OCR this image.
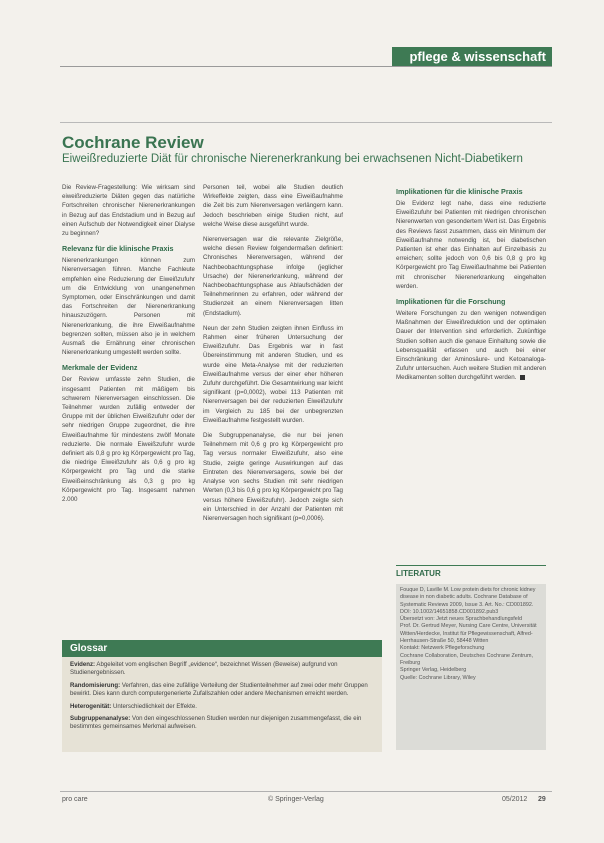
pflege & wissenschaft
Cochrane Review
Eiweißreduzierte Diät für chronische Nierenerkrankung bei erwachsenen Nicht-Diabetikern

Die Review-Fragestellung: Wie wirksam sind eiweißreduzierte Diäten gegen das natürliche Fortschreiten chronischer Nierenerkrankungen in Bezug auf das Endstadium und in Bezug auf einen Aufschub der Notwendigkeit einer Dialyse zu beginnen?

Relevanz für die klinische Praxis

Nierenerkrankungen können zum Nierenversagen führen. Manche Fachleute empfehlen eine Reduzierung der Eiweißzufuhr um die Entwicklung von unangenehmen Symptomen, oder Einschränkungen und damit das Fortschreiten der Nierenerkrankung hinauszuzögern. Personen mit Nierenerkrankung, die ihre Eiweißaufnahme begrenzen sollten, müssen also je in welchem Ausmaß die Ernährung einer chronischen Nierenerkrankung umgestellt werden sollte.

Merkmale der Evidenz

Der Review umfasste zehn Studien, die insgesamt Patienten mit mäßigem bis schwerem Nierenversagen einschlossen. Die Teilnehmer wurden zufällig entweder der Gruppe mit der üblichen Eiweißzufuhr oder der sehr niedrigen Gruppe zugeordnet, die ihre Eiweißaufnahme für mindestens zwölf Monate reduzierte. Die normale Eiweißzufuhr wurde definiert als 0,8 g pro kg Körpergewicht pro Tag, die niedrige Eiweißzufuhr als 0,6 g pro kg Körpergewicht pro Tag und die starke Eiweißeinschränkung als 0,3 g pro kg Körpergewicht pro Tag. Insgesamt nahmen 2.000

Personen teil, wobei alle Studien deutlich Wirkeffekte zeigten, dass eine Eiweißaufnahme die Zeit bis zum Nierenversagen verlängern kann. Jedoch beschrieben einige Studien nicht, auf welche Weise diese ausgeführt wurde.

Nierenversagen war die relevante Zielgröße, welche diesen Review folgendermaßen definiert: Chronisches Nierenversagen, während der Nachbeobachtungsphase infolge (jeglicher Ursache) der Nierenerkrankung, während der Nachbeobachtungsphase aus Ablaufschäden der Teilnehmerinnen zu erfahren, oder während der Studienzeit an einem Nierenversagen litten (Endstadium).

Neun der zehn Studien zeigten ihnen Einfluss im Rahmen einer früheren Untersuchung der Eiweißzufuhr. Das Ergebnis war in fast Übereinstimmung mit anderen Studien, und es wurde eine Meta-Analyse mit der reduzierten Eiweißaufnahme versus der einer eher höheren Zufuhr durchgeführt. Die Gesamtwirkung war leicht signifikant (p=0,0002), wobei 113 Patienten mit Nierenversagen bei der reduzierten Eiweißzufuhr im Vergleich zu 185 bei der unbegrenzten Eiweißaufnahme festgestellt wurden.

Die Subgruppenanalyse, die nur bei jenen Teilnehmern mit 0,6 g pro kg Körpergewicht pro Tag versus normaler Eiweißzufuhr, also eine Studie, zeigte geringe Auswirkungen auf das Eintreten des Nierenversagens, sowie bei der Analyse von sechs Studien mit sehr niedrigen Werten (0,3 bis 0,6 g pro kg Körpergewicht pro Tag versus höhere Eiweißzufuhr). Jedoch zeigte sich ein Unterschied in der Anzahl der Patienten mit Nierenversagen hoch signifikant (p=0,0006).

Implikationen für die klinische Praxis

Die Evidenz legt nahe, dass eine reduzierte Eiweißzufuhr bei Patienten mit niedrigen chronischen Nierenwerten von gesondertem Wert ist. Das Ergebnis des Reviews fasst zusammen, dass ein Minimum der Eiweißaufnahme notwendig ist, bei diabetischen Patienten ist eher das Einhalten auf Einzelbasis zu erreichen; sollte jedoch von 0,6 bis 0,8 g pro kg Körpergewicht pro Tag Eiweißaufnahme bei Patienten mit chronischer Nierenerkrankung eingehalten werden.

Implikationen für die Forschung

Weitere Forschungen zu den wenigen notwendigen Maßnahmen der Eiweißreduktion und der optimalen Dauer der Intervention sind erforderlich. Zukünftige Studien sollten auch die genaue Einhaltung sowie die Lebensqualität erfassen und auch bei einer Einschränkung der Aminosäure- und Ketoanaloga-Zufuhr untersuchen. Auch weitere Studien mit anderen Medikamenten sollten durchgeführt werden.

LITERATUR
Fouque D, Laville M. Low protein diets for chronic kidney disease in non diabetic adults. Cochrane Database of Systematic Reviews 2009, Issue 3. Art. No.: CD001892.
DOI: 10.1002/14651858.CD001892.pub3
Übersetzt von: Jetzt neues Sprachbehandlungsfeld
Prof. Dr. Gertrud Meyer, Nursing Care Centre, Universität Witten/Herdecke, Institut für Pflegewissenschaft, Alfred-Herrhausen-Straße 50, 58448 Witten
Kontakt: Netzwerk Pflegeforschung
Cochrane Collaboration, Deutsches Cochrane Zentrum, Freiburg
Springer Verlag, Heidelberg
Quelle: Cochrane Library, Wiley
Glossar

Evidenz: Abgeleitet vom englischen Begriff „evidence“, bezeichnet Wissen (Beweise) aufgrund von Studienergebnissen.

Randomisierung: Verfahren, das eine zufällige Verteilung der Studienteilnehmer auf zwei oder mehr Gruppen bewirkt. Dies kann durch computergenerierte Zufallszahlen oder andere Mechanismen erreicht werden.

Heterogenität: Unterschiedlichkeit der Effekte.

Subgruppenanalyse: Von den eingeschlossenen Studien werden nur diejenigen zusammengefasst, die ein bestimmtes gemeinsames Merkmal aufweisen.

pro care	© Springer-Verlag	05/2012 29
